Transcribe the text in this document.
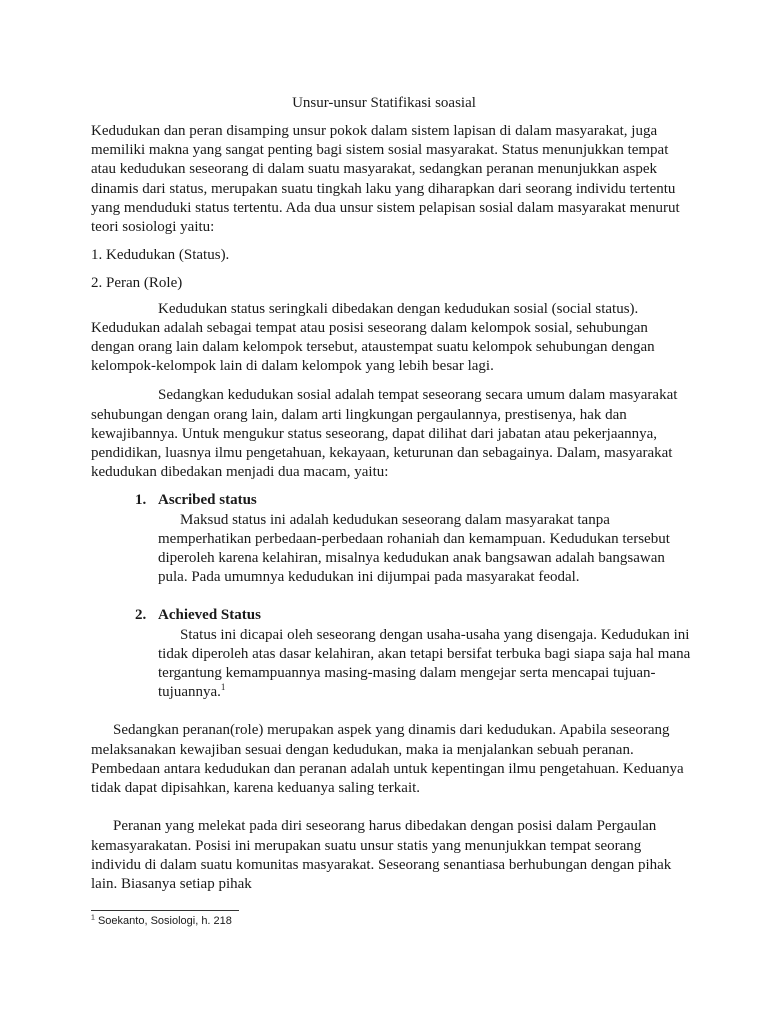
Unsur-unsur Statifikasi soasial

Kedudukan dan peran disamping unsur pokok dalam sistem lapisan di dalam masyarakat, juga memiliki makna yang sangat penting bagi sistem sosial masyarakat. Status menunjukkan tempat atau kedudukan seseorang di dalam suatu masyarakat, sedangkan peranan menunjukkan aspek dinamis dari status, merupakan suatu tingkah laku yang diharapkan dari seorang individu tertentu yang menduduki status tertentu. Ada dua unsur sistem pelapisan sosial dalam masyarakat menurut teori sosiologi yaitu:

1. Kedudukan (Status).

2. Peran (Role)

Kedudukan status seringkali dibedakan dengan kedudukan sosial (social status). Kedudukan adalah sebagai tempat atau posisi seseorang dalam kelompok sosial, sehubungan dengan orang lain dalam kelompok tersebut, ataustempat suatu kelompok sehubungan dengan kelompok-kelompok lain di dalam kelompok yang lebih besar lagi.

Sedangkan kedudukan sosial adalah tempat seseorang secara umum dalam masyarakat sehubungan dengan orang lain, dalam arti lingkungan pergaulannya, prestisenya, hak dan kewajibannya. Untuk mengukur status seseorang, dapat dilihat dari jabatan atau pekerjaannya, pendidikan, luasnya ilmu pengetahuan, kekayaan, keturunan dan sebagainya. Dalam, masyarakat kedudukan dibedakan menjadi dua macam, yaitu:

1. Ascribed status
Maksud status ini adalah kedudukan seseorang dalam masyarakat tanpa memperhatikan perbedaan-perbedaan rohaniah dan kemampuan. Kedudukan tersebut diperoleh karena kelahiran, misalnya kedudukan anak bangsawan adalah bangsawan pula. Pada umumnya kedudukan ini dijumpai pada masyarakat feodal.
2. Achieved Status
Status ini dicapai oleh seseorang dengan usaha-usaha yang disengaja. Kedudukan ini tidak diperoleh atas dasar kelahiran, akan tetapi bersifat terbuka bagi siapa saja hal mana tergantung kemampuannya masing-masing dalam mengejar serta mencapai tujuan-tujuannya.$^1$

Sedangkan peranan(role) merupakan aspek yang dinamis dari kedudukan. Apabila seseorang melaksanakan kewajiban sesuai dengan kedudukan, maka ia menjalankan sebuah peranan. Pembedaan antara kedudukan dan peranan adalah untuk kepentingan ilmu pengetahuan. Keduanya tidak dapat dipisahkan, karena keduanya saling terkait.

Peranan yang melekat pada diri seseorang harus dibedakan dengan posisi dalam Pergaulan kemasyarakatan. Posisi ini merupakan suatu unsur statis yang menunjukkan tempat seorang individu di dalam suatu komunitas masyarakat. Seseorang senantiasa berhubungan dengan pihak lain. Biasanya setiap pihak

$^1$ Soekanto, Sosiologi, h. 218
